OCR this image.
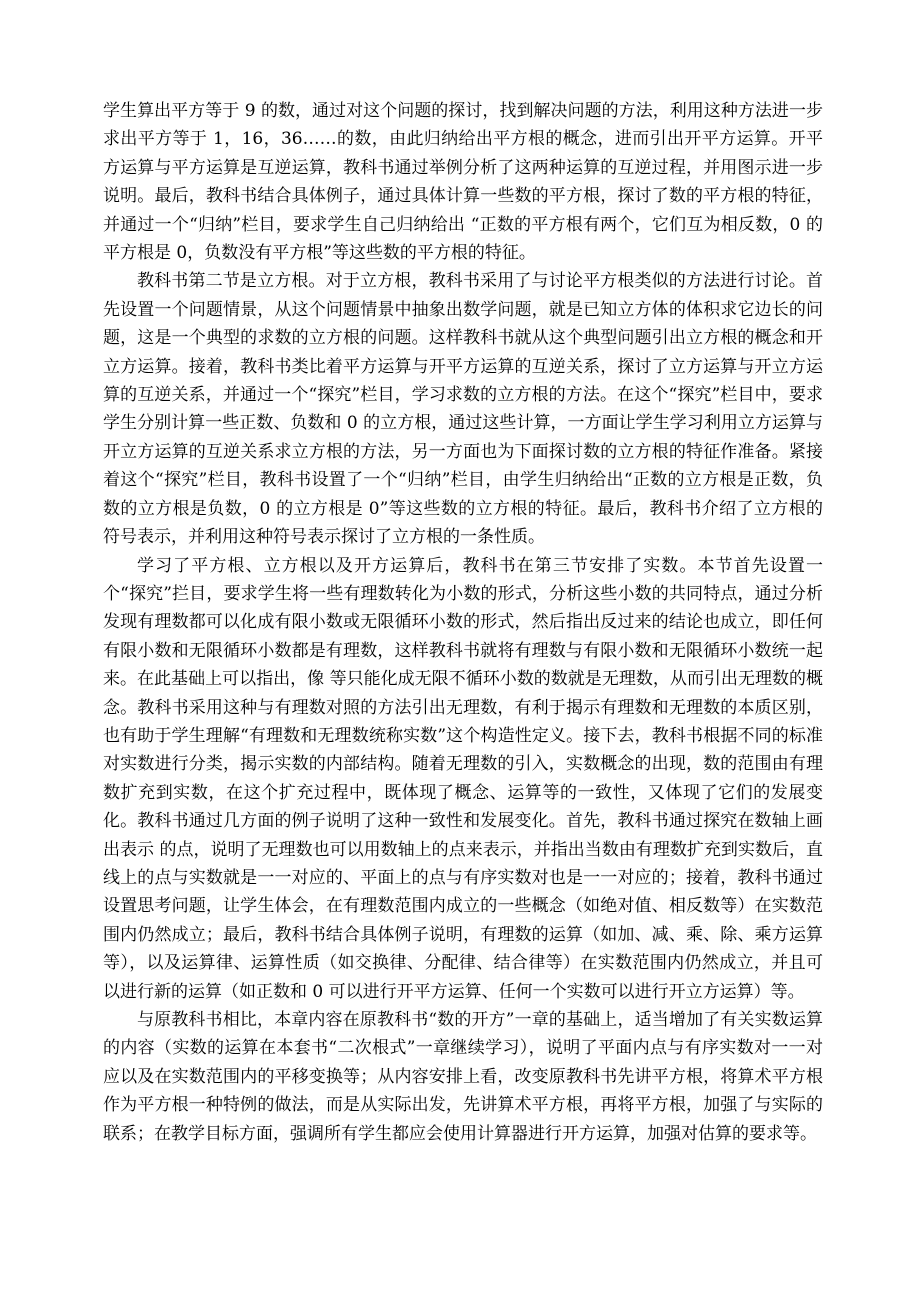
学生算出平方等于 9 的数，通过对这个问题的探讨，找到解决问题的方法，利用这种方法进一步求出平方等于 1，16，36……的数，由此归纳给出平方根的概念，进而引出开平方运算。开平方运算与平方运算是互逆运算，教科书通过举例分析了这两种运算的互逆过程，并用图示进一步说明。最后，教科书结合具体例子，通过具体计算一些数的平方根，探讨了数的平方根的特征，并通过一个“归纳”栏目，要求学生自己归纳给出 “正数的平方根有两个，它们互为相反数，0 的平方根是 0，负数没有平方根”等这些数的平方根的特征。

教科书第二节是立方根。对于立方根，教科书采用了与讨论平方根类似的方法进行讨论。首先设置一个问题情景，从这个问题情景中抽象出数学问题，就是已知立方体的体积求它边长的问题，这是一个典型的求数的立方根的问题。这样教科书就从这个典型问题引出立方根的概念和开立方运算。接着，教科书类比着平方运算与开平方运算的互逆关系，探讨了立方运算与开立方运算的互逆关系，并通过一个“探究”栏目，学习求数的立方根的方法。在这个“探究”栏目中，要求学生分别计算一些正数、负数和 0 的立方根，通过这些计算，一方面让学生学习利用立方运算与开立方运算的互逆关系求立方根的方法，另一方面也为下面探讨数的立方根的特征作准备。紧接着这个“探究”栏目，教科书设置了一个“归纳”栏目，由学生归纳给出“正数的立方根是正数，负数的立方根是负数，0 的立方根是 0”等这些数的立方根的特征。最后，教科书介绍了立方根的符号表示，并利用这种符号表示探讨了立方根的一条性质。

学习了平方根、立方根以及开方运算后，教科书在第三节安排了实数。本节首先设置一个“探究”拦目，要求学生将一些有理数转化为小数的形式，分析这些小数的共同特点，通过分析发现有理数都可以化成有限小数或无限循环小数的形式，然后指出反过来的结论也成立，即任何有限小数和无限循环小数都是有理数，这样教科书就将有理数与有限小数和无限循环小数统一起来。在此基础上可以指出，像 等只能化成无限不循环小数的数就是无理数，从而引出无理数的概念。教科书采用这种与有理数对照的方法引出无理数，有利于揭示有理数和无理数的本质区别，也有助于学生理解“有理数和无理数统称实数”这个构造性定义。接下去，教科书根据不同的标准对实数进行分类，揭示实数的内部结构。随着无理数的引入，实数概念的出现，数的范围由有理数扩充到实数，在这个扩充过程中，既体现了概念、运算等的一致性，又体现了它们的发展变化。教科书通过几方面的例子说明了这种一致性和发展变化。首先，教科书通过探究在数轴上画出表示 的点，说明了无理数也可以用数轴上的点来表示，并指出当数由有理数扩充到实数后，直线上的点与实数就是一一对应的、平面上的点与有序实数对也是一一对应的；接着，教科书通过设置思考问题，让学生体会，在有理数范围内成立的一些概念（如绝对值、相反数等）在实数范围内仍然成立；最后，教科书结合具体例子说明，有理数的运算（如加、减、乘、除、乘方运算等），以及运算律、运算性质（如交换律、分配律、结合律等）在实数范围内仍然成立，并且可以进行新的运算（如正数和 0 可以进行开平方运算、任何一个实数可以进行开立方运算）等。

与原教科书相比，本章内容在原教科书“数的开方”一章的基础上，适当增加了有关实数运算的内容（实数的运算在本套书“二次根式”一章继续学习），说明了平面内点与有序实数对一一对应以及在实数范围内的平移变换等；从内容安排上看，改变原教科书先讲平方根，将算术平方根作为平方根一种特例的做法，而是从实际出发，先讲算术平方根，再将平方根，加强了与实际的联系；在教学目标方面，强调所有学生都应会使用计算器进行开方运算，加强对估算的要求等。
